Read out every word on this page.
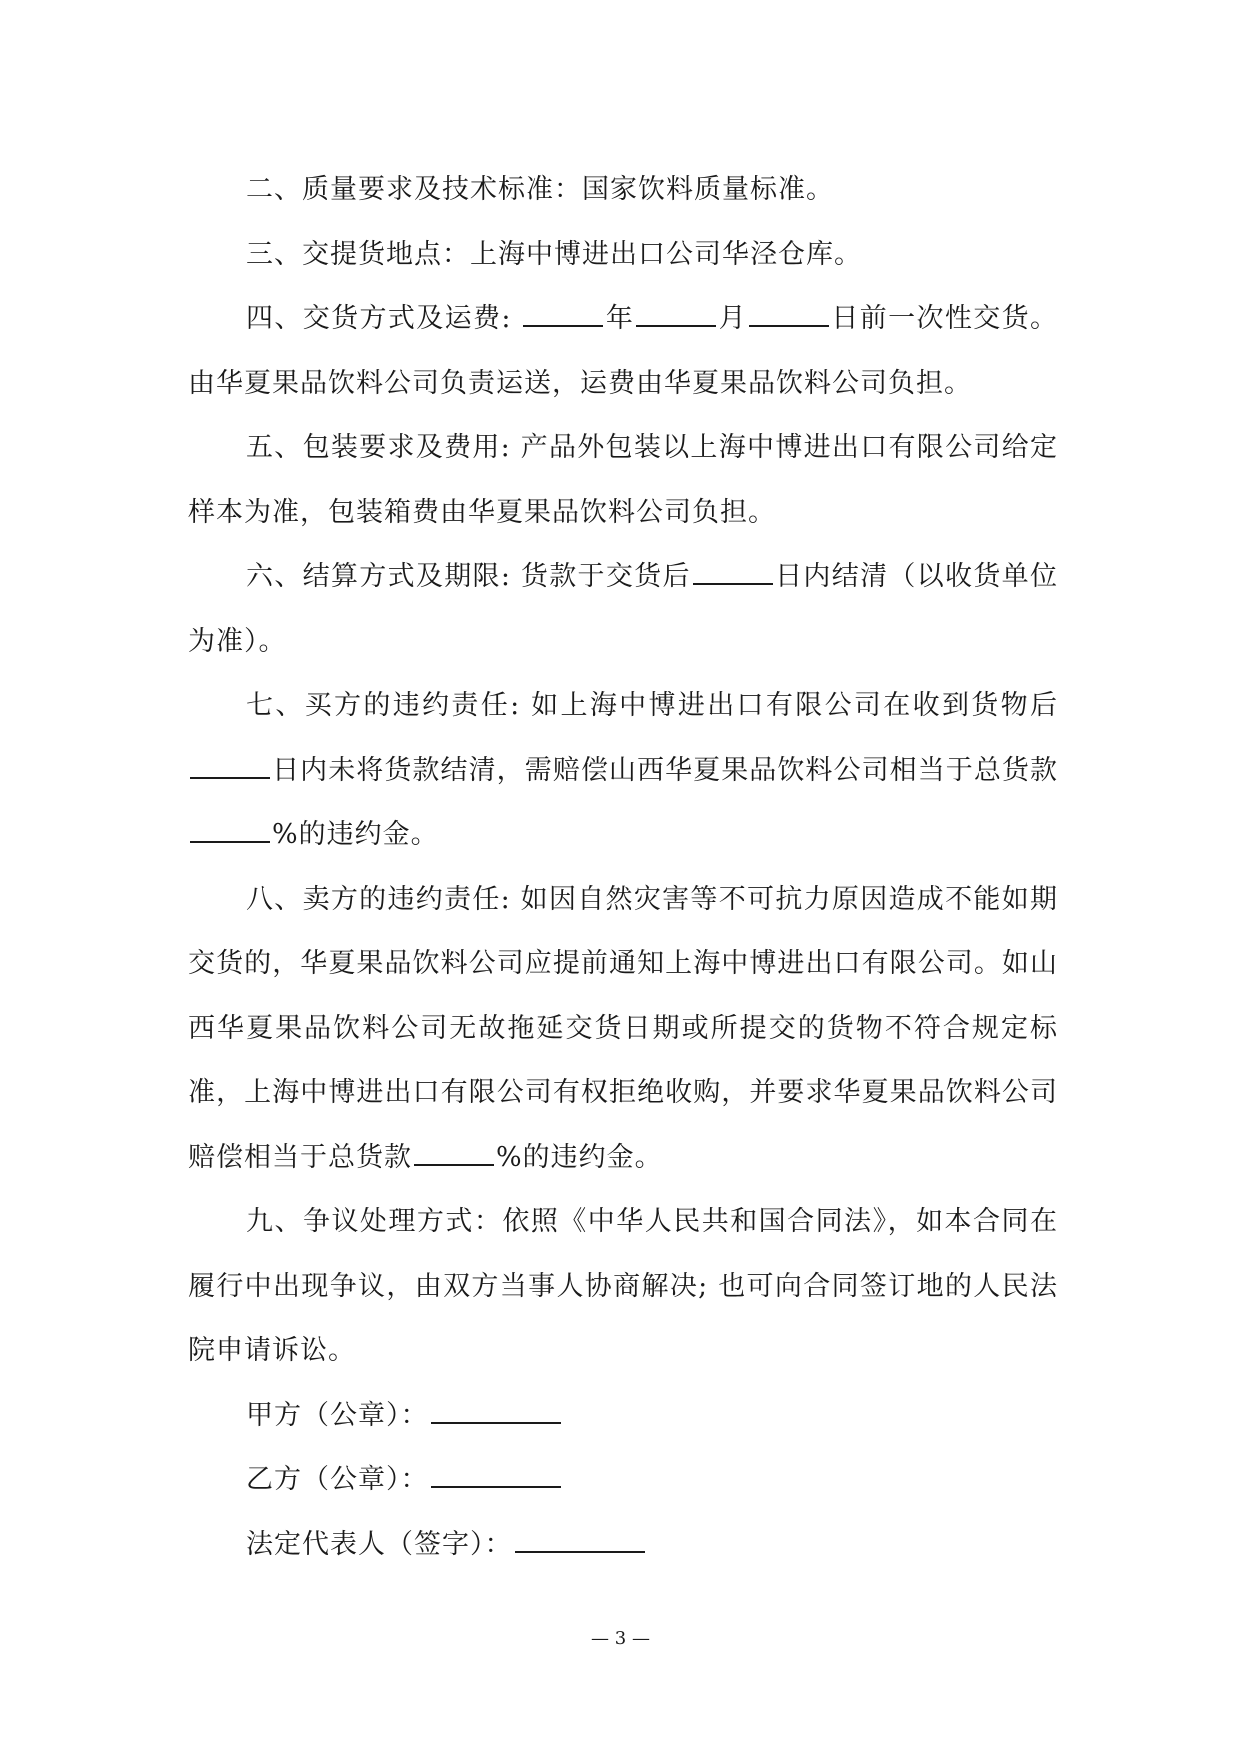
二、质量要求及技术标准：国家饮料质量标准。

三、交提货地点：上海中博进出口公司华泾仓库。

四、交货方式及运费:	年	月	日前一次性交货。由华夏果品饮料公司负责运送，运费由华夏果品饮料公司负担。

五、包装要求及费用: 产品外包装以上海中博进出口有限公司给定样本为准，包装箱费由华夏果品饮料公司负担。

六、结算方式及期限: 货款于交货后	日内结清（以收货单位为准）。

七、买方的违约责任: 如上海中博进出口有限公司在收到货物后日内未将货款结清，需赔偿山西华夏果品饮料公司相当于总货款%的违约金。

八、卖方的违约责任: 如因自然灾害等不可抗力原因造成不能如期交货的，华夏果品饮料公司应提前通知上海中博进出口有限公司。如山西华夏果品饮料公司无故拖延交货日期或所提交的货物不符合规定标准，上海中博进出口有限公司有权拒绝收购，并要求华夏果品饮料公司赔偿相当于总货款	%的违约金。

九、争议处理方式：依照《中华人民共和国合同法》，如本合同在履行中出现争议，由双方当事人协商解决; 也可向合同签订地的人民法院申请诉讼。

甲方（公章）：

乙方（公章）：

法定代表人（签字）：

— 3 —
